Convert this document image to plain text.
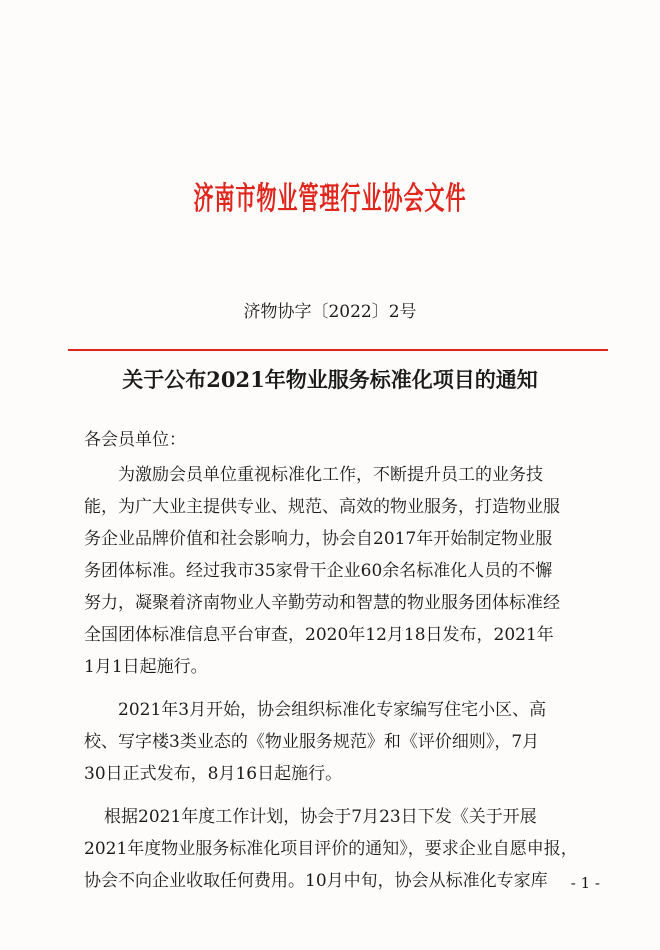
济南市物业管理行业协会文件
济物协字〔2022〕2号
关于公布2021年物业服务标准化项目的通知
各会员单位：
为激励会员单位重视标准化工作，不断提升员工的业务技
能，为广大业主提供专业、规范、高效的物业服务，打造物业服
务企业品牌价值和社会影响力，协会自2017年开始制定物业服
务团体标准。经过我市35家骨干企业60余名标准化人员的不懈
努力，凝聚着济南物业人辛勤劳动和智慧的物业服务团体标准经
全国团体标准信息平台审查，2020年12月18日发布，2021年
1月1日起施行。
2021年3月开始，协会组织标准化专家编写住宅小区、高
校、写字楼3类业态的《物业服务规范》和《评价细则》，7月
30日正式发布，8月16日起施行。
根据2021年度工作计划，协会于7月23日下发《关于开展
2021年度物业服务标准化项目评价的通知》，要求企业自愿申报，
协会不向企业收取任何费用。10月中旬，协会从标准化专家库	- 1 -
